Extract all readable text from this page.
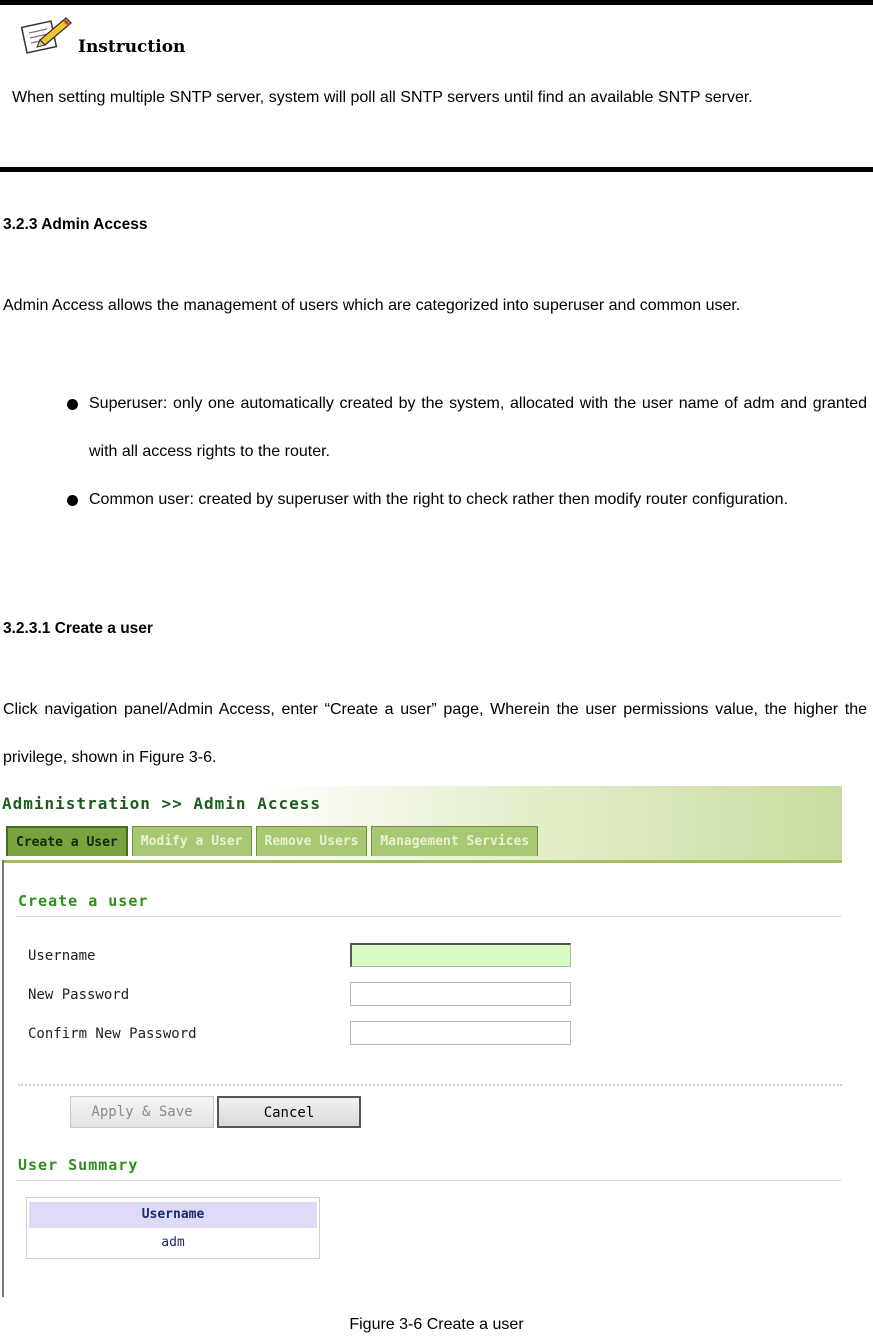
Instruction

When setting multiple SNTP server, system will poll all SNTP servers until find an available SNTP server.

3.2.3 Admin Access

Admin Access allows the management of users which are categorized into superuser and common user.

Superuser: only one automatically created by the system, allocated with the user name of adm and granted with all access rights to the router.
Common user: created by superuser with the right to check rather then modify router configuration.
3.2.3.1 Create a user

Click navigation panel/Admin Access, enter “Create a user” page, Wherein the user permissions value, the higher the privilege, shown in Figure 3-6.

Administration >> Admin Access
Create a User	Modify a User	Remove Users	Management Services
Create a user
Username
New Password
Confirm New Password
Apply & Save	Cancel
User Summary
Username
adm
Figure 3-6 Create a user
